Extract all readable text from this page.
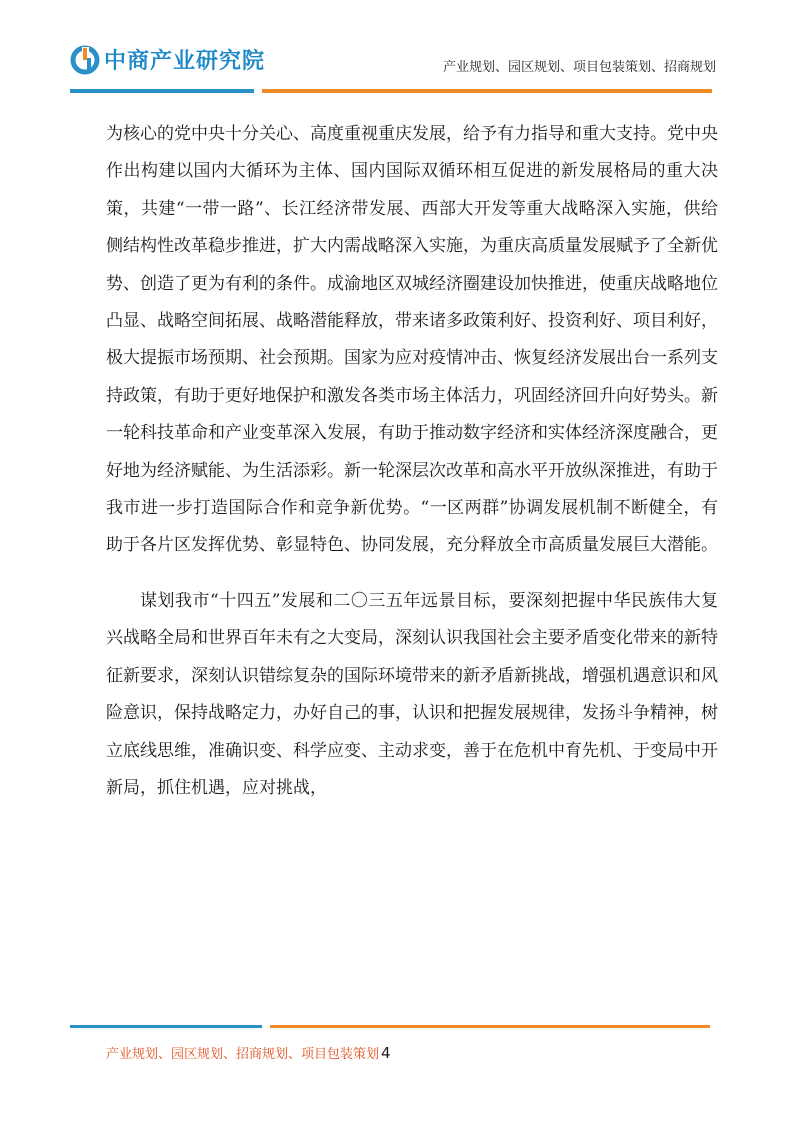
中商产业研究院	产业规划、园区规划、项目包装策划、招商规划

为核心的党中央十分关心、高度重视重庆发展，给予有力指导和重大支持。党中央作出构建以国内大循环为主体、国内国际双循环相互促进的新发展格局的重大决策，共建“一带一路”、长江经济带发展、西部大开发等重大战略深入实施，供给侧结构性改革稳步推进，扩大内需战略深入实施，为重庆高质量发展赋予了全新优势、创造了更为有利的条件。成渝地区双城经济圈建设加快推进，使重庆战略地位凸显、战略空间拓展、战略潜能释放，带来诸多政策利好、投资利好、项目利好，极大提振市场预期、社会预期。国家为应对疫情冲击、恢复经济发展出台一系列支持政策，有助于更好地保护和激发各类市场主体活力，巩固经济回升向好势头。新一轮科技革命和产业变革深入发展，有助于推动数字经济和实体经济深度融合，更好地为经济赋能、为生活添彩。新一轮深层次改革和高水平开放纵深推进，有助于我市进一步打造国际合作和竞争新优势。“一区两群”协调发展机制不断健全，有助于各片区发挥优势、彰显特色、协同发展，充分释放全市高质量发展巨大潜能。

谋划我市“十四五”发展和二〇三五年远景目标，要深刻把握中华民族伟大复兴战略全局和世界百年未有之大变局，深刻认识我国社会主要矛盾变化带来的新特征新要求，深刻认识错综复杂的国际环境带来的新矛盾新挑战，增强机遇意识和风险意识，保持战略定力，办好自己的事，认识和把握发展规律，发扬斗争精神，树立底线思维，准确识变、科学应变、主动求变，善于在危机中育先机、于变局中开新局，抓住机遇，应对挑战，

产业规划、园区规划、招商规划、项目包装策划 4
